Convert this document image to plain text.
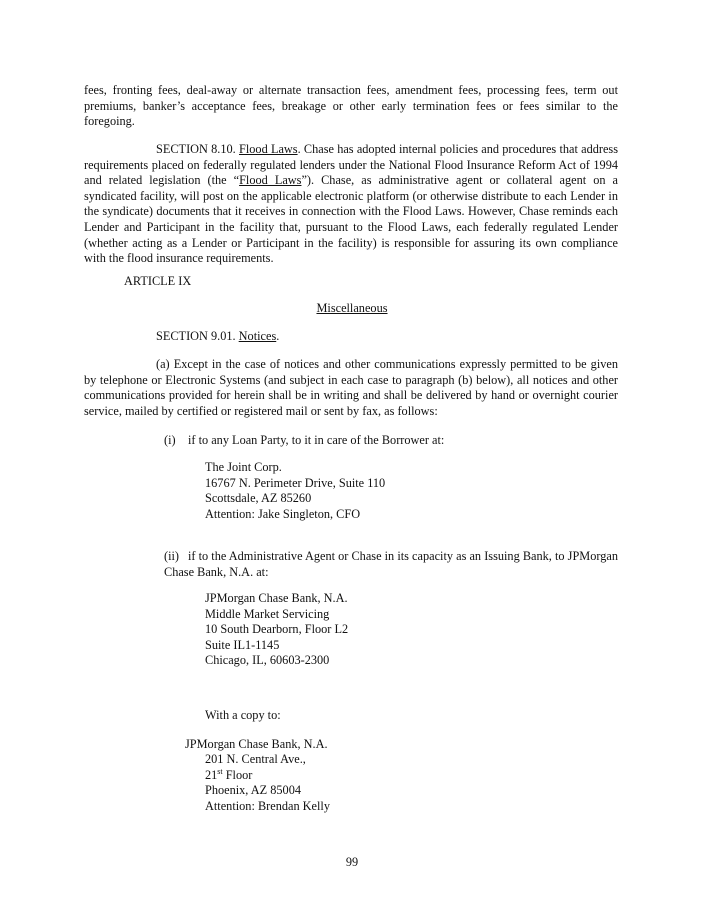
fees, fronting fees, deal-away or alternate transaction fees, amendment fees, processing fees, term out premiums, banker’s acceptance fees, breakage or other early termination fees or fees similar to the foregoing.

SECTION 8.10. Flood Laws. Chase has adopted internal policies and procedures that address requirements placed on federally regulated lenders under the National Flood Insurance Reform Act of 1994 and related legislation (the “Flood Laws”). Chase, as administrative agent or collateral agent on a syndicated facility, will post on the applicable electronic platform (or otherwise distribute to each Lender in the syndicate) documents that it receives in connection with the Flood Laws. However, Chase reminds each Lender and Participant in the facility that, pursuant to the Flood Laws, each federally regulated Lender (whether acting as a Lender or Participant in the facility) is responsible for assuring its own compliance with the flood insurance requirements.

ARTICLE IX

Miscellaneous

SECTION 9.01. Notices.

(a) Except in the case of notices and other communications expressly permitted to be given by telephone or Electronic Systems (and subject in each case to paragraph (b) below), all notices and other communications provided for herein shall be in writing and shall be delivered by hand or overnight courier service, mailed by certified or registered mail or sent by fax, as follows:

(i) if to any Loan Party, to it in care of the Borrower at:

The Joint Corp.
16767 N. Perimeter Drive, Suite 110
Scottsdale, AZ 85260
Attention: Jake Singleton, CFO

(ii) if to the Administrative Agent or Chase in its capacity as an Issuing Bank, to JPMorgan Chase Bank, N.A. at:

JPMorgan Chase Bank, N.A.
Middle Market Servicing
10 South Dearborn, Floor L2
Suite IL1-1145
Chicago, IL, 60603-2300

With a copy to:

JPMorgan Chase Bank, N.A.

201 N. Central Ave.,
21st Floor
Phoenix, AZ 85004
Attention: Brendan Kelly

99
